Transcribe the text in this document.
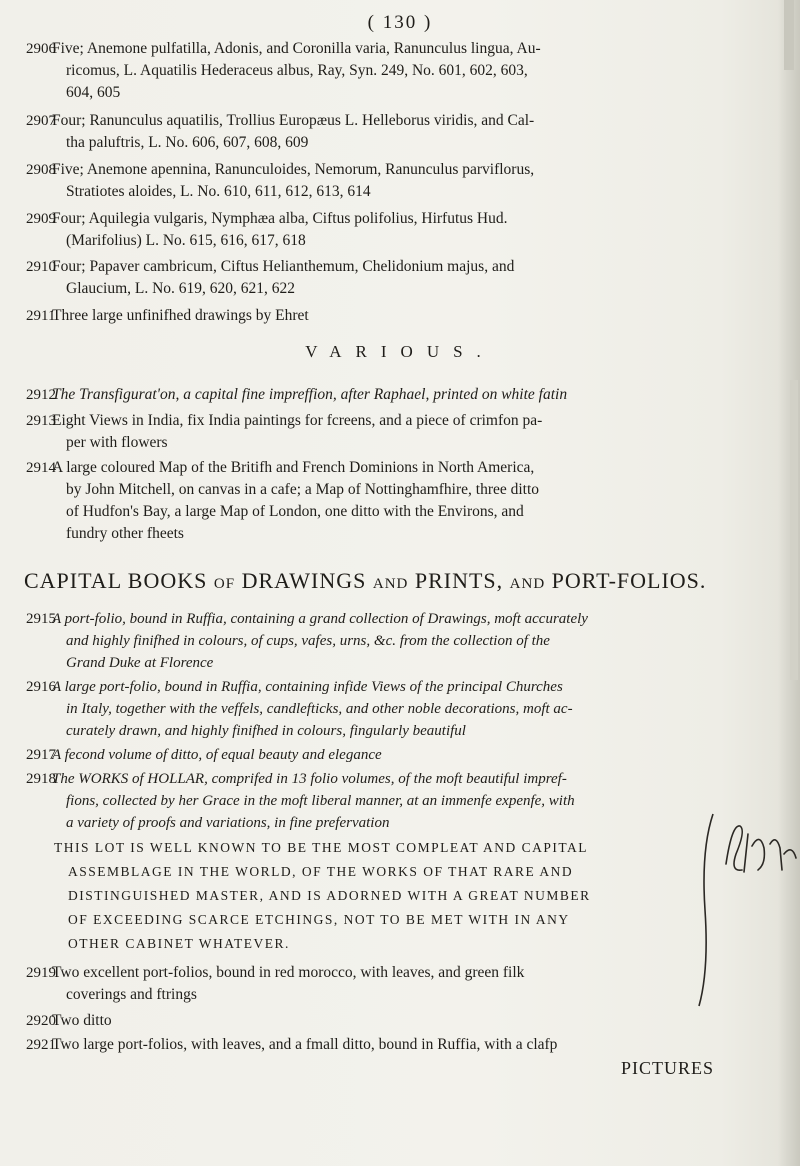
( 130 )
2906
Five; Anemone pulfatilla, Adonis, and Coronilla varia, Ranunculus lingua, Au-
ricomus, L. Aquatilis Hederaceus albus, Ray, Syn. 249, No. 601, 602, 603,
604, 605
2907
Four; Ranunculus aquatilis, Trollius Europæus L. Helleborus viridis, and Cal-
tha paluftris, L. No. 606, 607, 608, 609
2908
Five; Anemone apennina, Ranunculoides, Nemorum, Ranunculus parviflorus,
Stratiotes aloides, L. No. 610, 611, 612, 613, 614
2909
Four; Aquilegia vulgaris, Nymphæa alba, Ciftus polifolius, Hirfutus Hud.
(Marifolius) L. No. 615, 616, 617, 618
2910
Four; Papaver cambricum, Ciftus Helianthemum, Chelidonium majus, and
Glaucium, L. No. 619, 620, 621, 622
2911
Three large unfinifhed drawings by Ehret
VARIOUS.
2912
The Transfigurat'on, a capital fine impreffion, after Raphael, printed on white fatin
2913
Eight Views in India, fix India paintings for fcreens, and a piece of crimfon pa-
per with flowers
2914
A large coloured Map of the Britifh and French Dominions in North America,
by John Mitchell, on canvas in a cafe; a Map of Nottinghamfhire, three ditto
of Hudfon's Bay, a large Map of London, one ditto with the Environs, and
fundry other fheets
CAPITAL BOOKS OF DRAWINGS AND PRINTS, AND PORT-FOLIOS.
2915
A port-folio, bound in Ruffia, containing a grand collection of Drawings, moft accurately
and highly finifhed in colours, of cups, vafes, urns, &c. from the collection of the
Grand Duke at Florence
2916
A large port-folio, bound in Ruffia, containing infide Views of the principal Churches
in Italy, together with the veffels, candlefticks, and other noble decorations, moft ac-
curately drawn, and highly finifhed in colours, fingularly beautiful
2917
A fecond volume of ditto, of equal beauty and elegance
2918
The WORKS of HOLLAR, comprifed in 13 folio volumes, of the moft beautiful impref-
fions, collected by her Grace in the moft liberal manner, at an immenfe expenfe, with
a variety of proofs and variations, in fine prefervation
THIS LOT IS WELL KNOWN TO BE THE MOST COMPLEAT AND CAPITAL
ASSEMBLAGE IN THE WORLD, OF THE WORKS OF THAT RARE AND
DISTINGUISHED MASTER, AND IS ADORNED WITH A GREAT NUMBER
OF EXCEEDING SCARCE ETCHINGS, NOT TO BE MET WITH IN ANY
OTHER CABINET WHATEVER.
2919
Two excellent port-folios, bound in red morocco, with leaves, and green filk
coverings and ftrings
2920
Two ditto
2921
Two large port-folios, with leaves, and a fmall ditto, bound in Ruffia, with a clafp
PICTURES
